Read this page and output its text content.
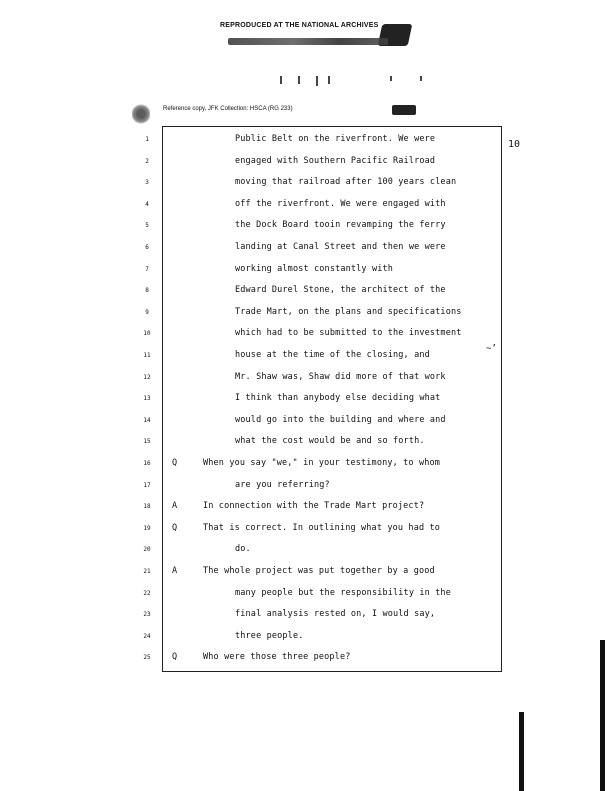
REPRODUCED AT THE NATIONAL ARCHIVES
Reference copy, JFK Collection: HSCA (RG 233)
10
1	Public Belt on the riverfront. We were
2	engaged with Southern Pacific Railroad
3	moving that railroad after 100 years clean
4	off the riverfront. We were engaged with
5	the Dock Board tooin revamping the ferry
6	landing at Canal Street and then we were
7	working almost constantly with
8	Edward Durel Stone, the architect of the
9	Trade Mart, on the plans and specifications
10	which had to be submitted to the investment
11	house at the time of the closing, and
12	Mr. Shaw was, Shaw did more of that work
13	I think than anybody else deciding what
14	would go into the building and where and
15	what the cost would be and so forth.
16	Q	When you say "we," in your testimony, to whom
17	are you referring?
18	A	In connection with the Trade Mart project?
19	Q	That is correct. In outlining what you had to
20	do.
21	A	The whole project was put together by a good
22	many people but the responsibility in the
23	final analysis rested on, I would say,
24	three people.
25	Q	Who were those three people?
~’
